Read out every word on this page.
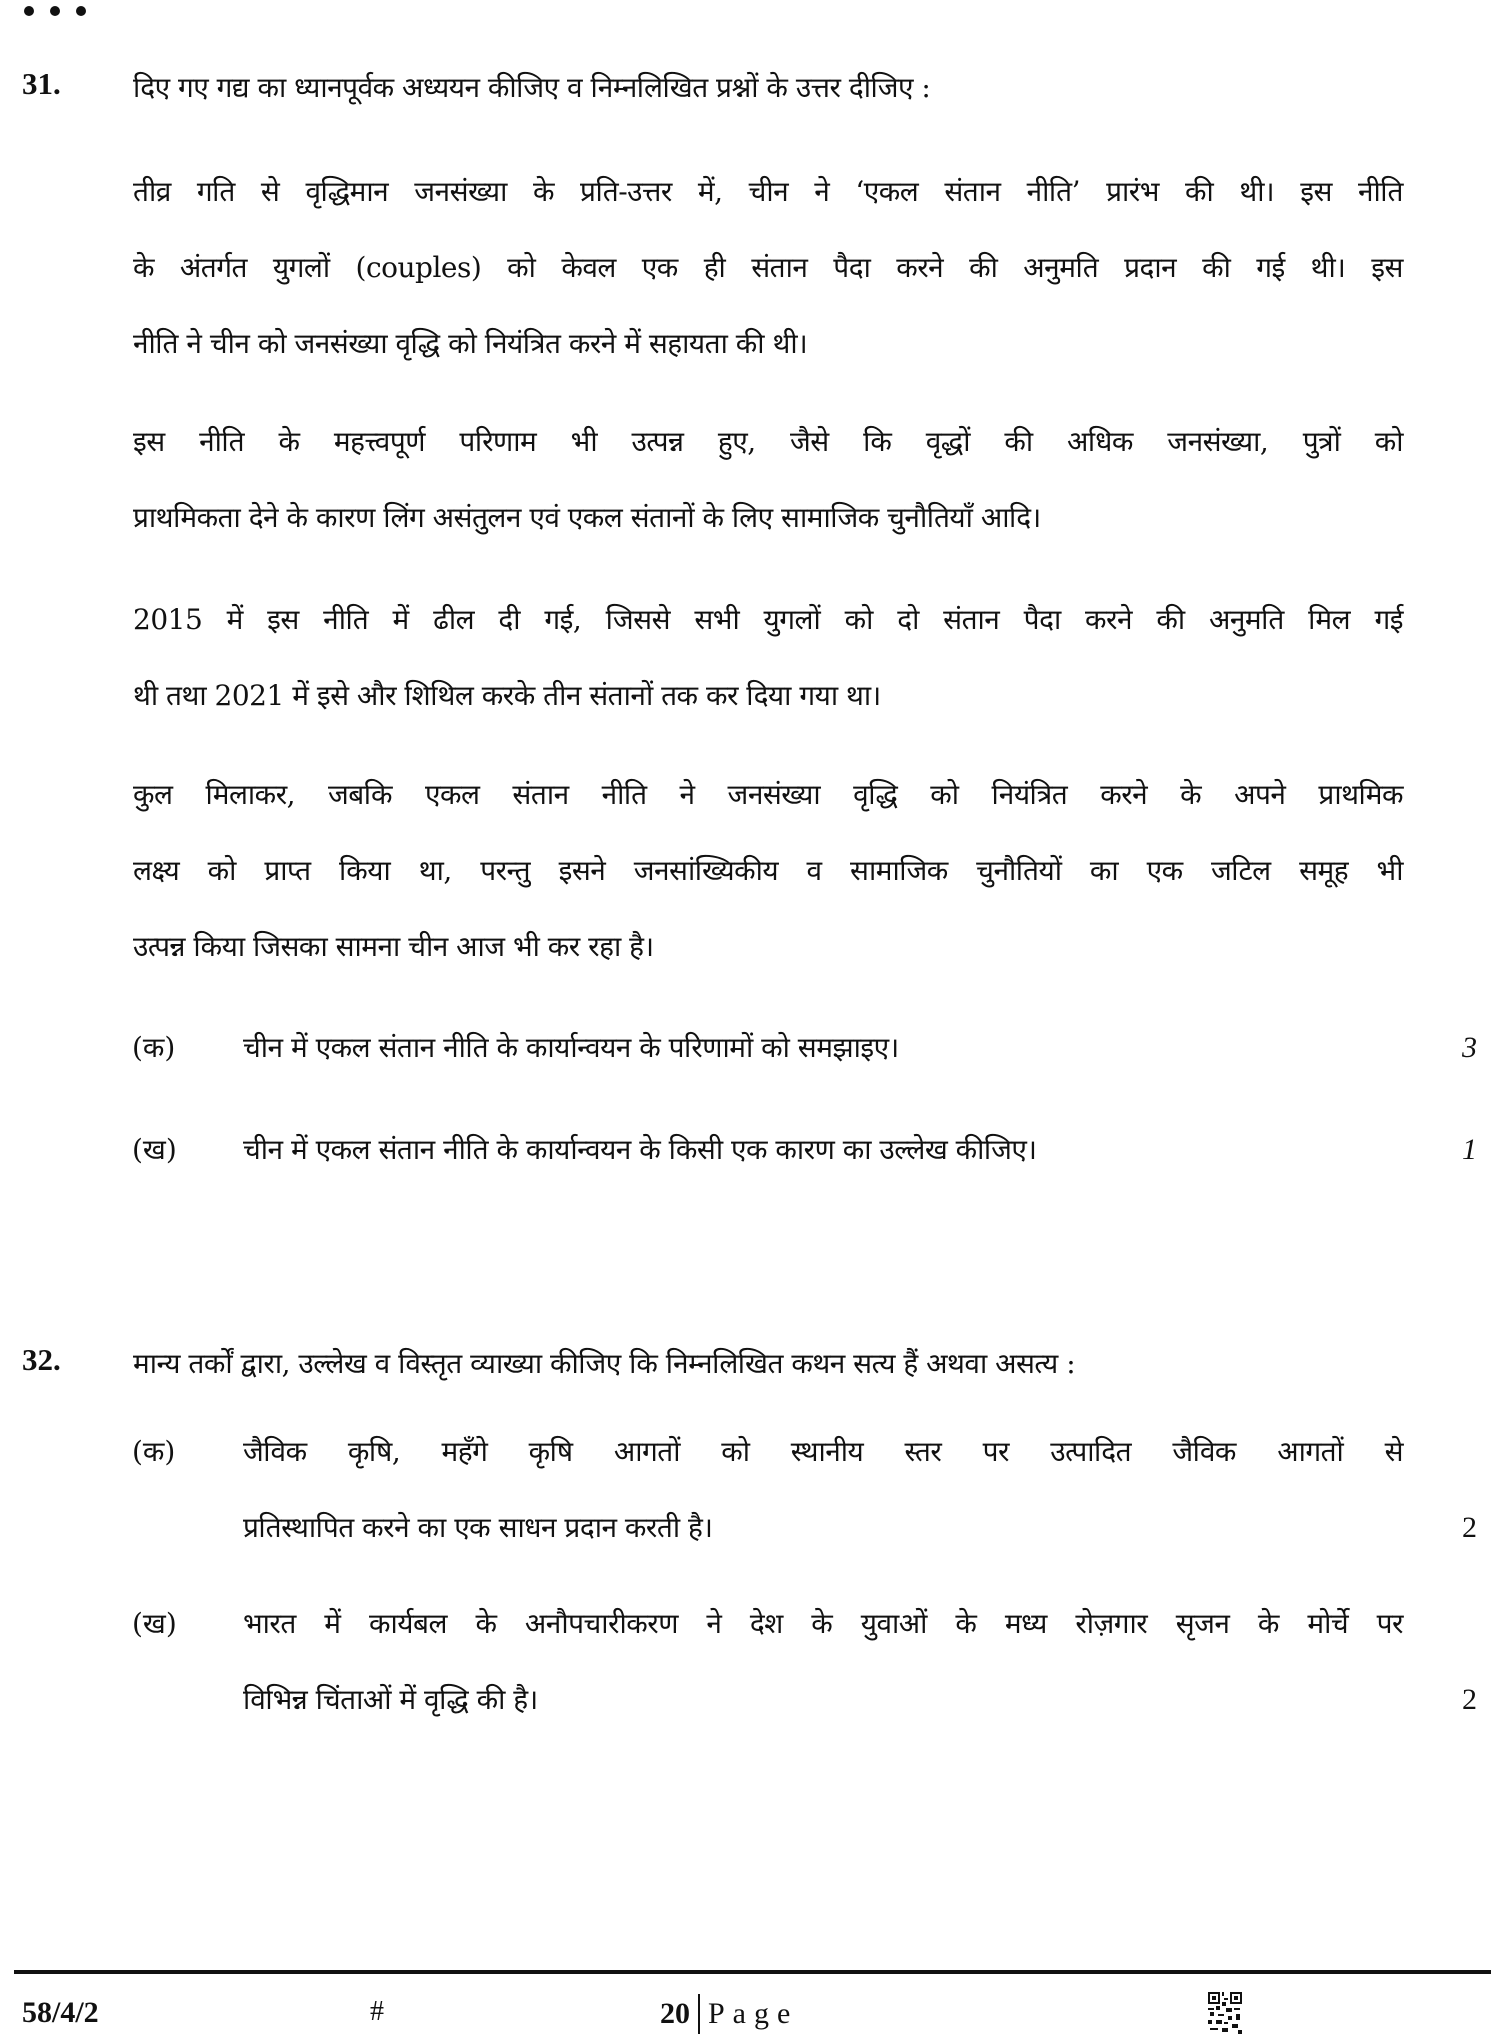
31.	दिए गए गद्य का ध्यानपूर्वक अध्ययन कीजिए व निम्नलिखित प्रश्नों के उत्तर दीजिए :
तीव्र गति से वृद्धिमान जनसंख्या के प्रति-उत्तर में, चीन ने ‘एकल संतान नीति’ प्रारंभ की थी। इस नीति
के अंतर्गत युगलों (couples) को केवल एक ही संतान पैदा करने की अनुमति प्रदान की गई थी। इस
नीति ने चीन को जनसंख्या वृद्धि को नियंत्रित करने में सहायता की थी।
इस नीति के महत्त्वपूर्ण परिणाम भी उत्पन्न हुए, जैसे कि वृद्धों की अधिक जनसंख्या, पुत्रों को
प्राथमिकता देने के कारण लिंग असंतुलन एवं एकल संतानों के लिए सामाजिक चुनौतियाँ आदि।
2015 में इस नीति में ढील दी गई, जिससे सभी युगलों को दो संतान पैदा करने की अनुमति मिल गई
थी तथा 2021 में इसे और शिथिल करके तीन संतानों तक कर दिया गया था।
कुल मिलाकर, जबकि एकल संतान नीति ने जनसंख्या वृद्धि को नियंत्रित करने के अपने प्राथमिक
लक्ष्य को प्राप्त किया था, परन्तु इसने जनसांख्यिकीय व सामाजिक चुनौतियों का एक जटिल समूह भी
उत्पन्न किया जिसका सामना चीन आज भी कर रहा है।
(क) चीन में एकल संतान नीति के कार्यान्वयन के परिणामों को समझाइए।	3
(ख) चीन में एकल संतान नीति के कार्यान्वयन के किसी एक कारण का उल्लेख कीजिए।	1
32.	मान्य तर्कों द्वारा, उल्लेख व विस्तृत व्याख्या कीजिए कि निम्नलिखित कथन सत्य हैं अथवा असत्य :
(क) जैविक कृषि, महँगे कृषि आगतों को स्थानीय स्तर पर उत्पादित जैविक आगतों से
प्रतिस्थापित करने का एक साधन प्रदान करती है।	2
(ख) भारत में कार्यबल के अनौपचारीकरण ने देश के युवाओं के मध्य रोज़गार सृजन के मोर्चे पर
विभिन्न चिंताओं में वृद्धि की है।	2
58/4/2	#	20 Page
